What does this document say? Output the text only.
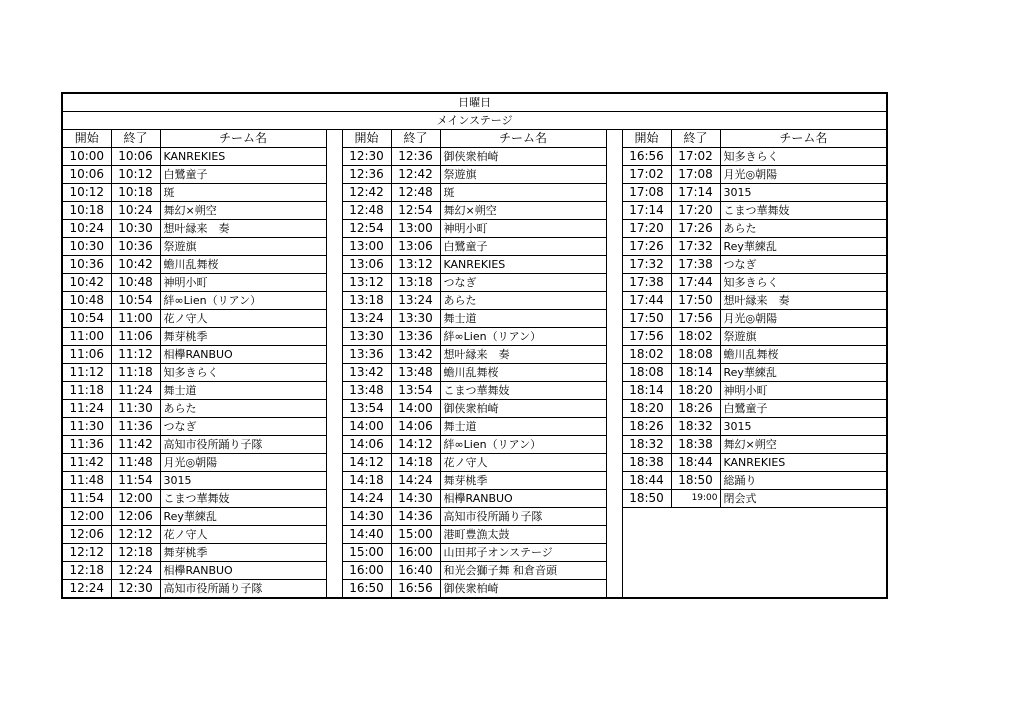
日曜日										
メインステージ										
開始	終了	チーム名		開始	終了	チーム名		開始	終了	チーム名
10:00	10:06	KANREKIES		12:30	12:36	御侠衆柏崎		16:56	17:02	知多きらく
10:06	10:12	白鷺童子		12:36	12:42	祭遊旗		17:02	17:08	月光◎朝陽
10:12	10:18	斑		12:42	12:48	斑		17:08	17:14	3015
10:18	10:24	舞幻×朔空		12:48	12:54	舞幻×朔空		17:14	17:20	こまつ華舞妓
10:24	10:30	想叶縁来　奏		12:54	13:00	神明小町		17:20	17:26	あらた
10:30	10:36	祭遊旗		13:00	13:06	白鷺童子		17:26	17:32	Rey華練乱
10:36	10:42	蟾川乱舞桜		13:06	13:12	KANREKIES		17:32	17:38	つなぎ
10:42	10:48	神明小町		13:12	13:18	つなぎ		17:38	17:44	知多きらく
10:48	10:54	絆∞Lien（リアン）		13:18	13:24	あらた		17:44	17:50	想叶縁来　奏
10:54	11:00	花ノ守人		13:24	13:30	舞士道		17:50	17:56	月光◎朝陽
11:00	11:06	舞芽桃季		13:30	13:36	絆∞Lien（リアン）		17:56	18:02	祭遊旗
11:06	11:12	相欅RANBUO		13:36	13:42	想叶縁来　奏		18:02	18:08	蟾川乱舞桜
11:12	11:18	知多きらく		13:42	13:48	蟾川乱舞桜		18:08	18:14	Rey華練乱
11:18	11:24	舞士道		13:48	13:54	こまつ華舞妓		18:14	18:20	神明小町
11:24	11:30	あらた		13:54	14:00	御侠衆柏崎		18:20	18:26	白鷺童子
11:30	11:36	つなぎ		14:00	14:06	舞士道		18:26	18:32	3015
11:36	11:42	高知市役所踊り子隊		14:06	14:12	絆∞Lien（リアン）		18:32	18:38	舞幻×朔空
11:42	11:48	月光◎朝陽		14:12	14:18	花ノ守人		18:38	18:44	KANREKIES
11:48	11:54	3015		14:18	14:24	舞芽桃季		18:44	18:50	総踊り
11:54	12:00	こまつ華舞妓		14:24	14:30	相欅RANBUO		18:50	19:00	閉会式
12:00	12:06	Rey華練乱		14:30	14:36	高知市役所踊り子隊				
12:06	12:12	花ノ守人		14:40	15:00	港町豊漁太鼓				
12:12	12:18	舞芽桃季		15:00	16:00	山田邦子オンステージ				
12:18	12:24	相欅RANBUO		16:00	16:40	和光会獅子舞 和倉音頭				
12:24	12:30	高知市役所踊り子隊		16:50	16:56	御侠衆柏崎				
